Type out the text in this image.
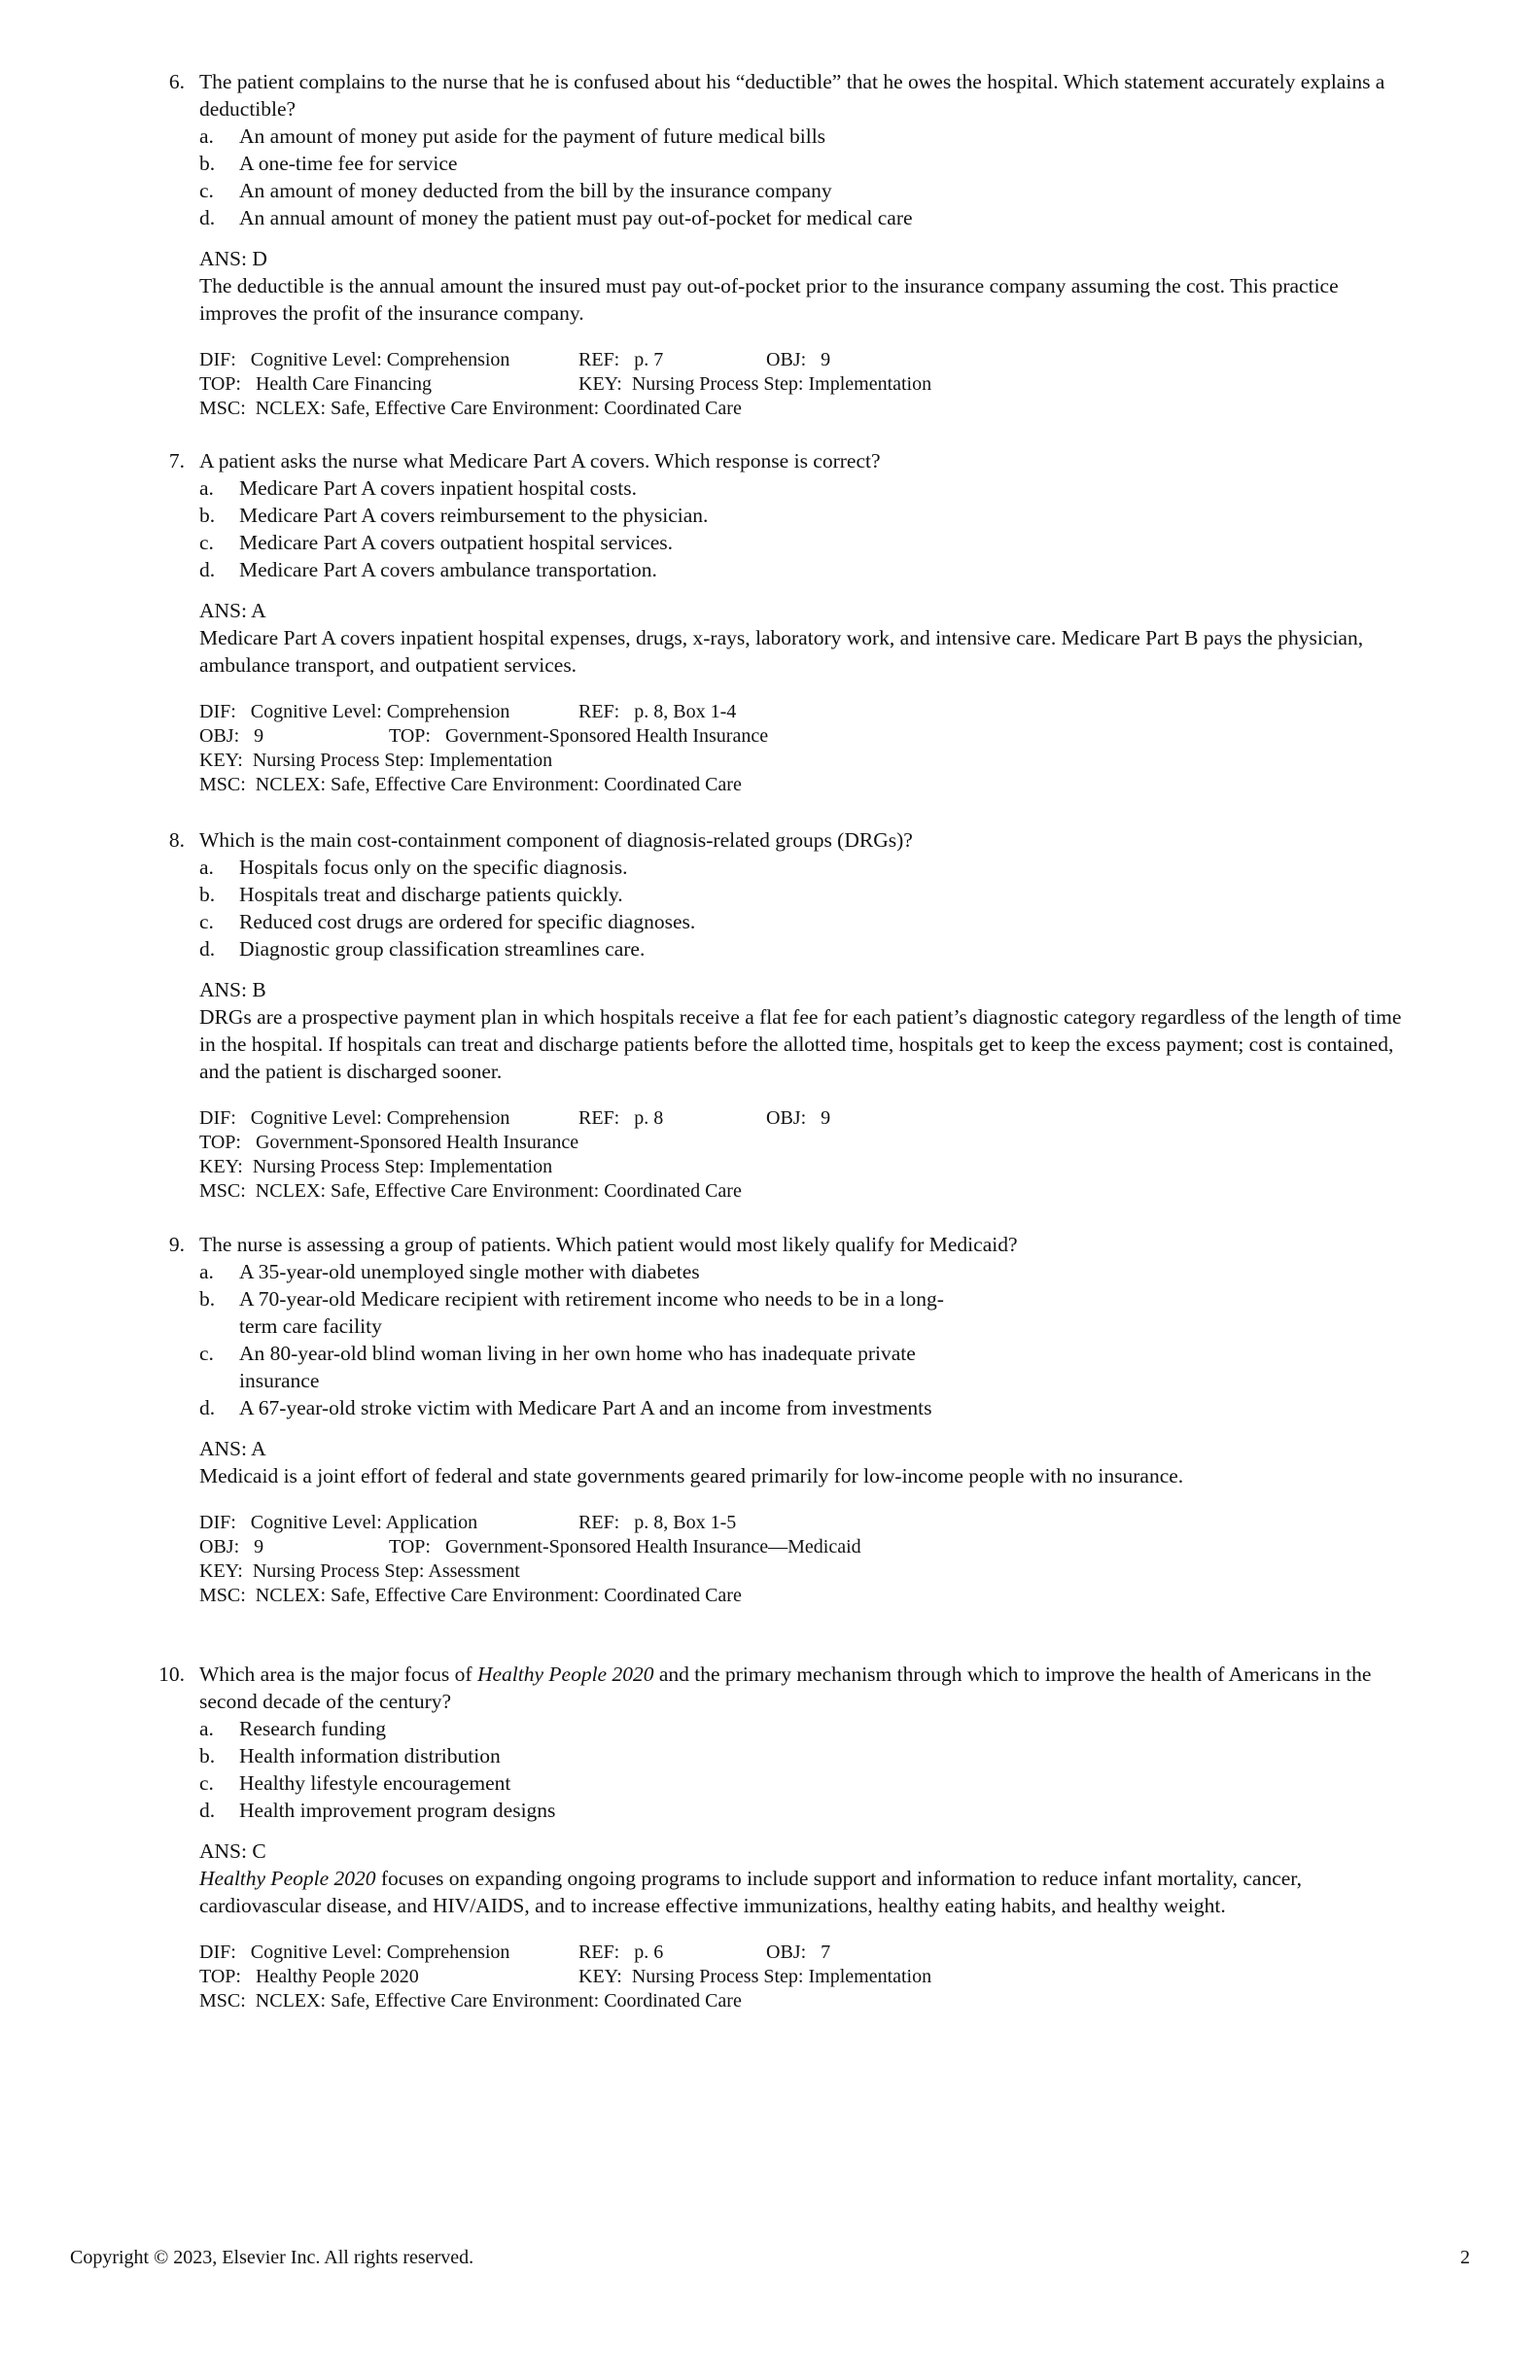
6. The patient complains to the nurse that he is confused about his “deductible” that he owes the hospital. Which statement accurately explains a deductible?
a. An amount of money put aside for the payment of future medical bills
b. A one-time fee for service
c. An amount of money deducted from the bill by the insurance company
d. An annual amount of money the patient must pay out-of-pocket for medical care
ANS: D
The deductible is the annual amount the insured must pay out-of-pocket prior to the insurance company assuming the cost. This practice improves the profit of the insurance company.
DIF:   Cognitive Level: Comprehension	REF:   p. 7	OBJ:   9
TOP:   Health Care Financing	KEY:  Nursing Process Step: Implementation
MSC:  NCLEX: Safe, Effective Care Environment: Coordinated Care
7. A patient asks the nurse what Medicare Part A covers. Which response is correct?
a. Medicare Part A covers inpatient hospital costs.
b. Medicare Part A covers reimbursement to the physician.
c. Medicare Part A covers outpatient hospital services.
d. Medicare Part A covers ambulance transportation.
ANS: A
Medicare Part A covers inpatient hospital expenses, drugs, x-rays, laboratory work, and intensive care. Medicare Part B pays the physician, ambulance transport, and outpatient services.
DIF:   Cognitive Level: Comprehension	REF:   p. 8, Box 1-4
OBJ:   9	TOP:   Government-Sponsored Health Insurance
KEY:  Nursing Process Step: Implementation
MSC:  NCLEX: Safe, Effective Care Environment: Coordinated Care
8. Which is the main cost-containment component of diagnosis-related groups (DRGs)?
a. Hospitals focus only on the specific diagnosis.
b. Hospitals treat and discharge patients quickly.
c. Reduced cost drugs are ordered for specific diagnoses.
d. Diagnostic group classification streamlines care.
ANS: B
DRGs are a prospective payment plan in which hospitals receive a flat fee for each patient’s diagnostic category regardless of the length of time in the hospital. If hospitals can treat and discharge patients before the allotted time, hospitals get to keep the excess payment; cost is contained, and the patient is discharged sooner.
DIF:   Cognitive Level: Comprehension	REF:   p. 8	OBJ:   9
TOP:   Government-Sponsored Health Insurance
KEY:  Nursing Process Step: Implementation
MSC:  NCLEX: Safe, Effective Care Environment: Coordinated Care
9. The nurse is assessing a group of patients. Which patient would most likely qualify for Medicaid?
a. A 35-year-old unemployed single mother with diabetes
b. A 70-year-old Medicare recipient with retirement income who needs to be in a long-term care facility
c. An 80-year-old blind woman living in her own home who has inadequate private insurance
d. A 67-year-old stroke victim with Medicare Part A and an income from investments
ANS: A
Medicaid is a joint effort of federal and state governments geared primarily for low-income people with no insurance.
DIF:   Cognitive Level: Application	REF:   p. 8, Box 1-5
OBJ:   9	TOP:   Government-Sponsored Health Insurance—Medicaid
KEY:  Nursing Process Step: Assessment
MSC:  NCLEX: Safe, Effective Care Environment: Coordinated Care
10. Which area is the major focus of Healthy People 2020 and the primary mechanism through which to improve the health of Americans in the second decade of the century?
a. Research funding
b. Health information distribution
c. Healthy lifestyle encouragement
d. Health improvement program designs
ANS: C
Healthy People 2020 focuses on expanding ongoing programs to include support and information to reduce infant mortality, cancer, cardiovascular disease, and HIV/AIDS, and to increase effective immunizations, healthy eating habits, and healthy weight.
DIF:   Cognitive Level: Comprehension	REF:   p. 6	OBJ:   7
TOP:   Healthy People 2020	KEY:  Nursing Process Step: Implementation
MSC:  NCLEX: Safe, Effective Care Environment: Coordinated Care
Copyright © 2023, Elsevier Inc. All rights reserved.	2
